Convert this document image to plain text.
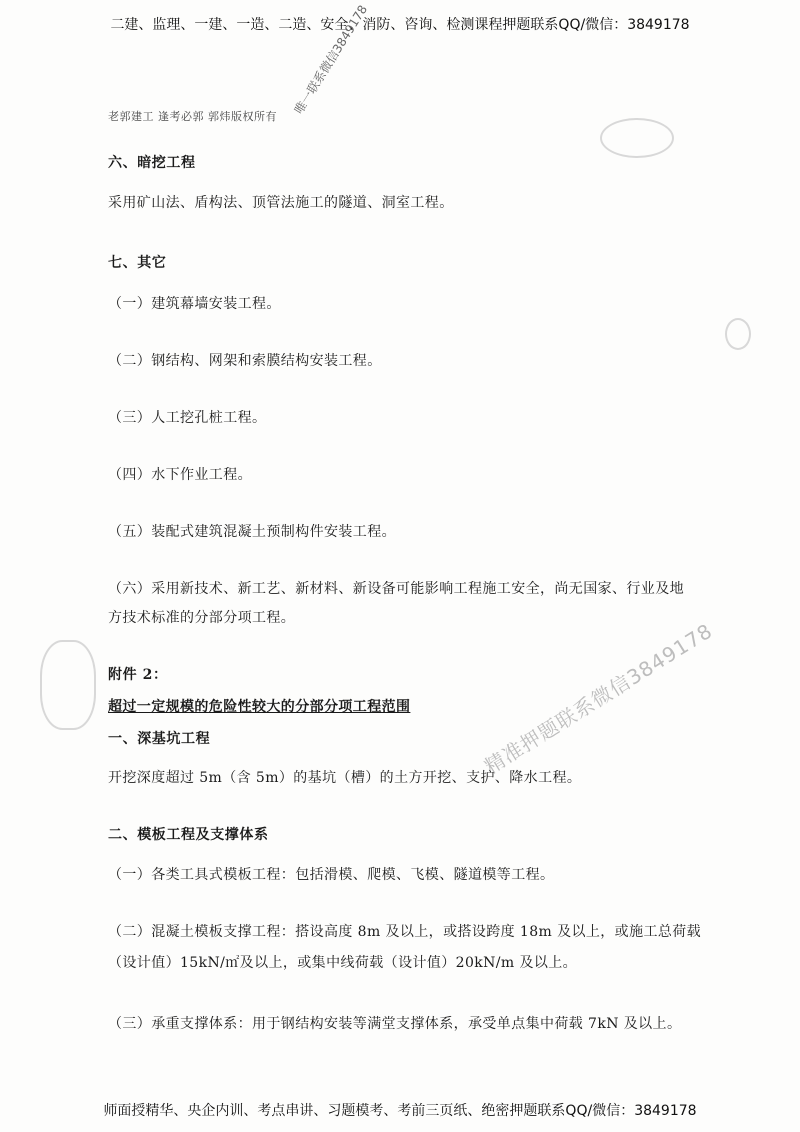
二建、监理、一建、一造、二造、安全、消防、咨询、检测课程押题联系QQ/微信：3849178
老郭建工 逢考必郭 郭炜版权所有
唯一联系微信3849178
六、暗挖工程
采用矿山法、盾构法、顶管法施工的隧道、洞室工程。
七、其它
（一）建筑幕墙安装工程。
（二）钢结构、网架和索膜结构安装工程。
（三）人工挖孔桩工程。
（四）水下作业工程。
（五）装配式建筑混凝土预制构件安装工程。
（六）采用新技术、新工艺、新材料、新设备可能影响工程施工安全，尚无国家、行业及地
方技术标准的分部分项工程。
附件 2：
超过一定规模的危险性较大的分部分项工程范围	精准押题联系微信3849178
一、深基坑工程
开挖深度超过 5m（含 5m）的基坑（槽）的土方开挖、支护、降水工程。
二、模板工程及支撑体系
（一）各类工具式模板工程：包括滑模、爬模、飞模、隧道模等工程。
（二）混凝土模板支撑工程：搭设高度 8m 及以上，或搭设跨度 18m 及以上，或施工总荷载
（设计值）15kN/㎡及以上，或集中线荷载（设计值）20kN/m 及以上。
（三）承重支撑体系：用于钢结构安装等满堂支撑体系，承受单点集中荷载 7kN 及以上。
师面授精华、央企内训、考点串讲、习题模考、考前三页纸、绝密押题联系QQ/微信：3849178
